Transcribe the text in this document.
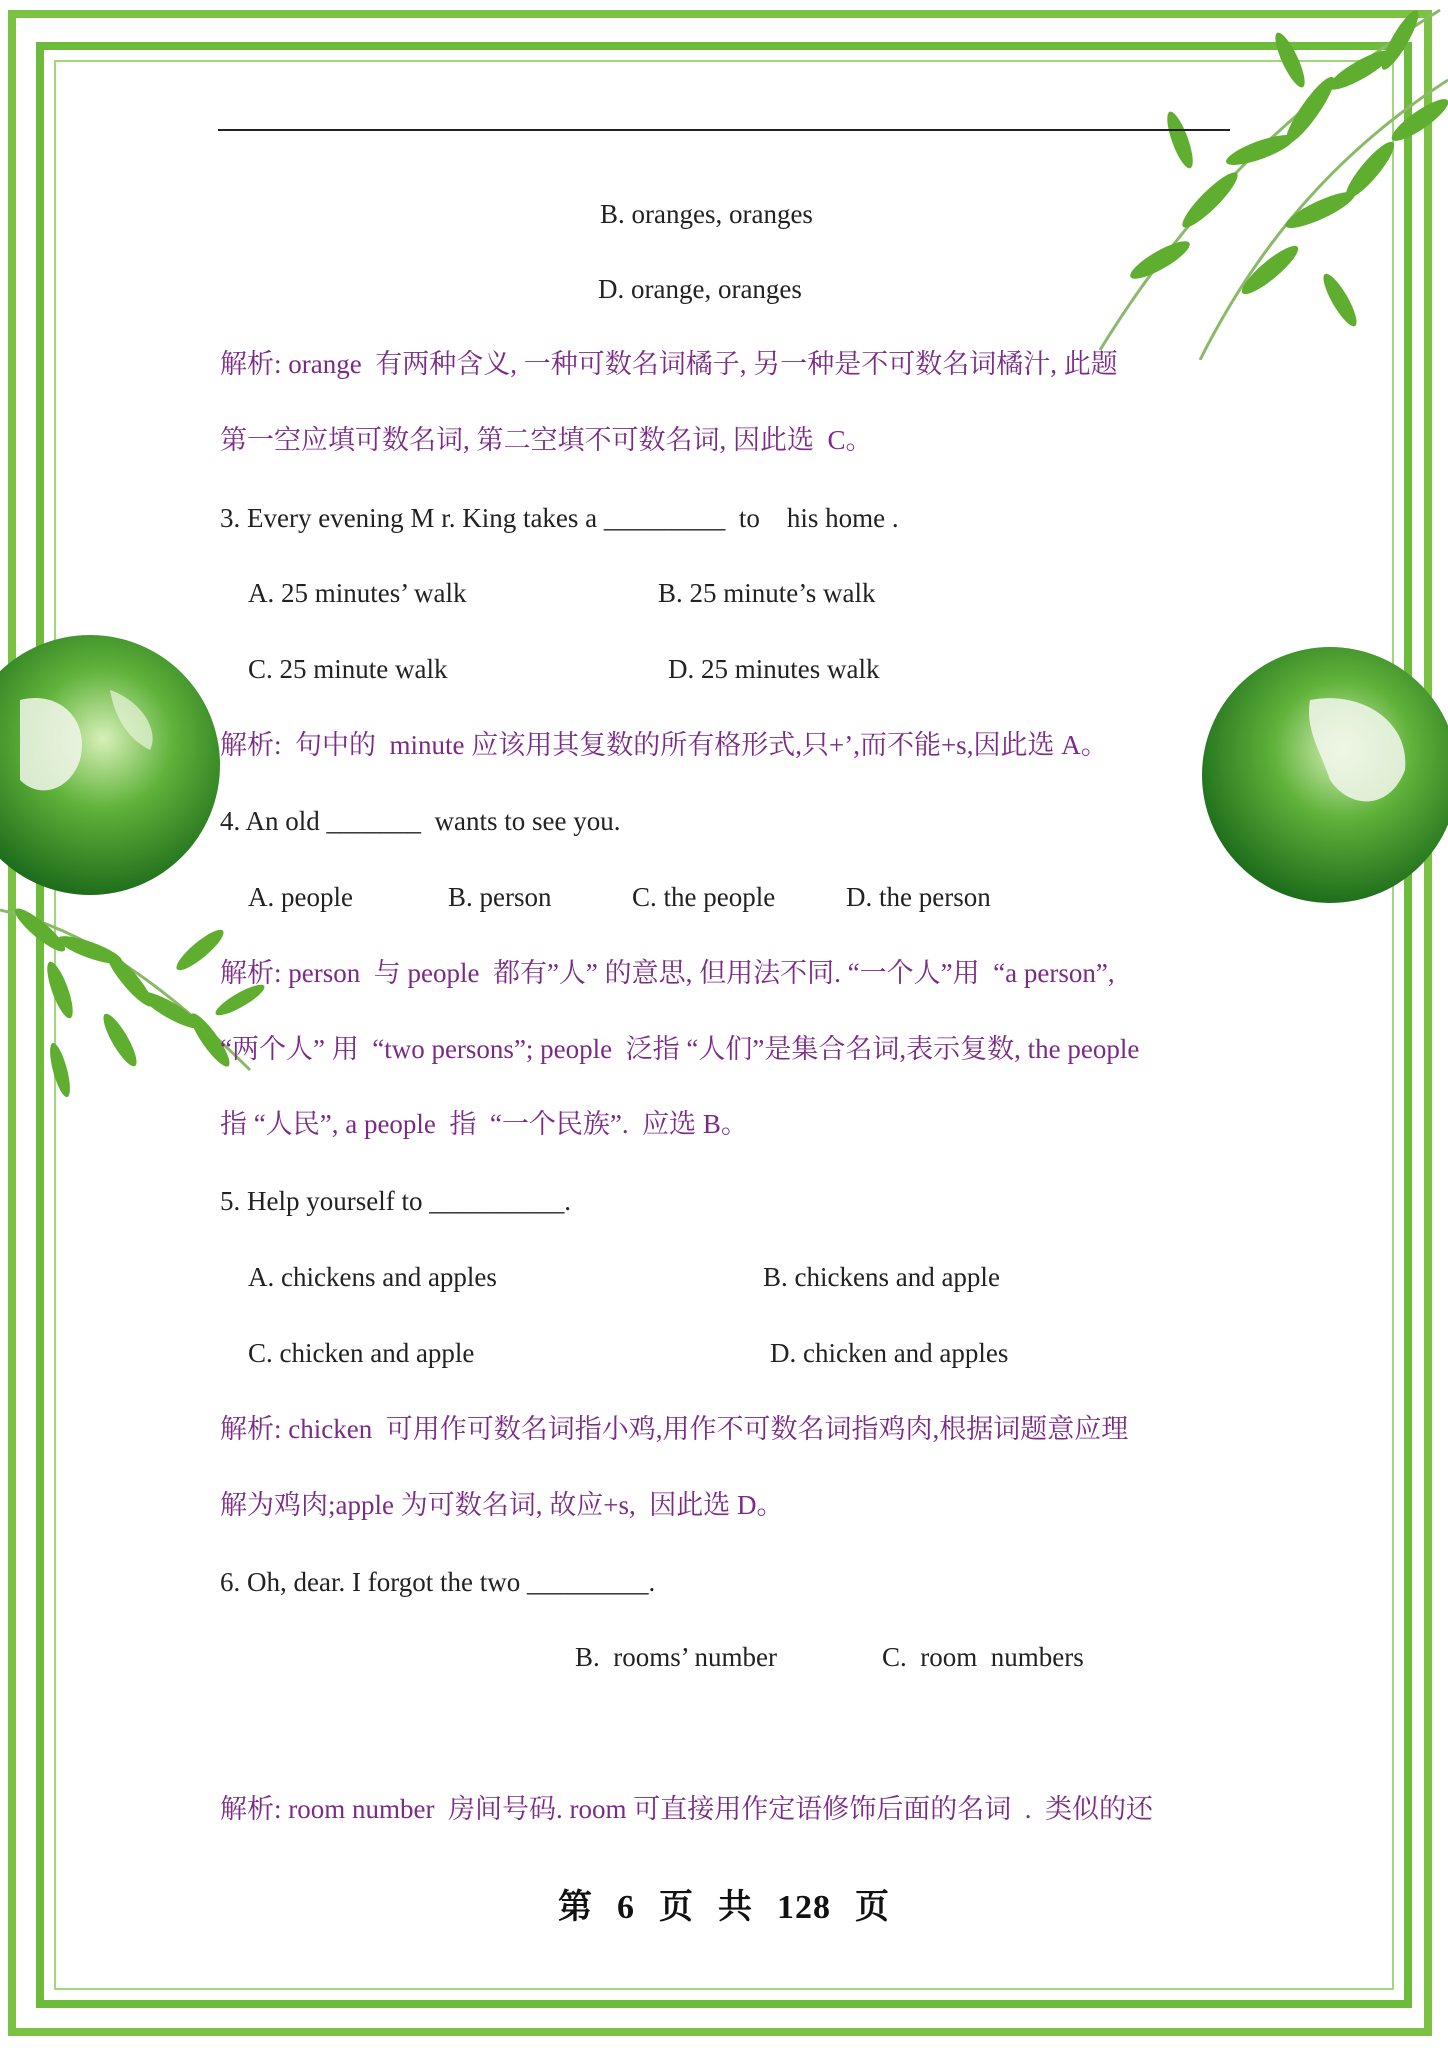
B. oranges, oranges
D. orange, oranges
解析: orange  有两种含义, 一种可数名词橘子, 另一种是不可数名词橘汁, 此题
第一空应填可数名词, 第二空填不可数名词, 因此选  C。
3. Every evening M r. King takes a _________  to    his home .
A. 25 minutes’ walk	B. 25 minute’s walk
C. 25 minute walk	D. 25 minutes walk
解析:  句中的  minute 应该用其复数的所有格形式,只+’,而不能+s,因此选 A。
4. An old _______  wants to see you.
A. people	B. person	C. the people	D. the person
解析: person  与 people  都有”人” 的意思, 但用法不同. “一个人”用  “a person”,
“两个人” 用  “two persons”; people  泛指 “人们”是集合名词,表示复数, the people
指 “人民”, a people  指  “一个民族”.  应选 B。
5. Help yourself to __________.
A. chickens and apples	B. chickens and apple
C. chicken and apple	D. chicken and apples
解析: chicken  可用作可数名词指小鸡,用作不可数名词指鸡肉,根据词题意应理
解为鸡肉;apple 为可数名词, 故应+s,  因此选 D。
6. Oh, dear. I forgot the two _________.
B.  rooms’ number	C.  room  numbers
解析: room number  房间号码. room 可直接用作定语修饰后面的名词  .  类似的还
第 6 页 共 128 页
